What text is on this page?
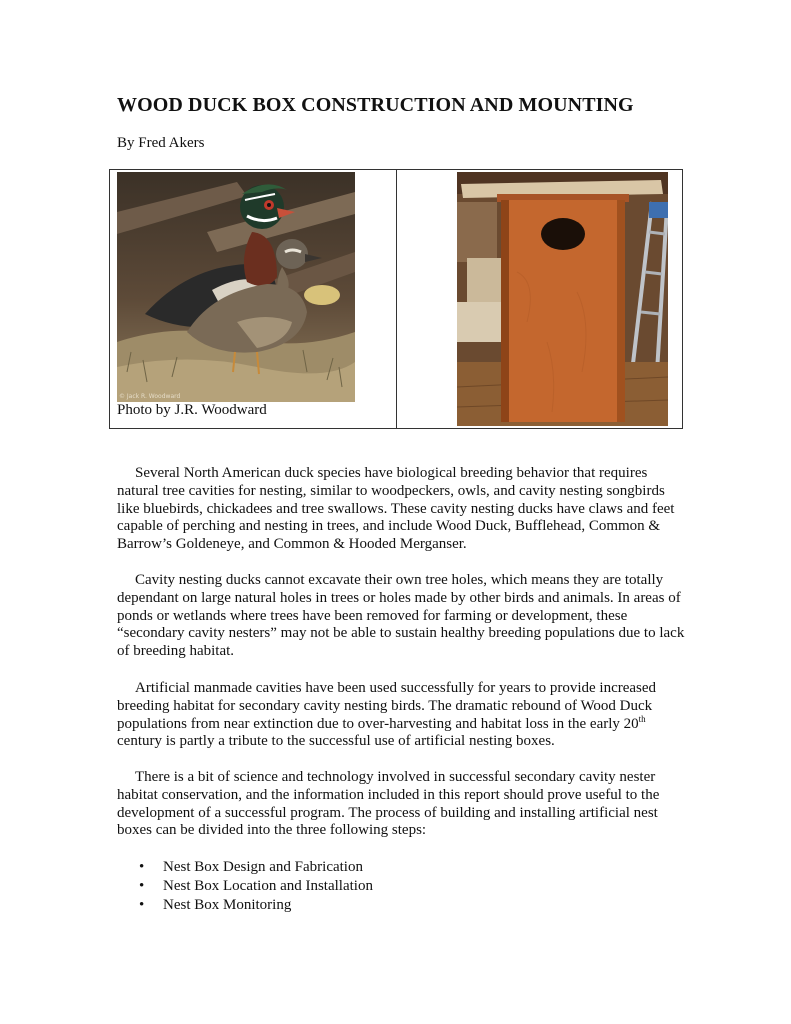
WOOD DUCK BOX CONSTRUCTION AND MOUNTING
By Fred Akers
© Jack R. Woodward
Photo by J.R. Woodward

Several North American duck species have biological breeding behavior that requires natural tree cavities for nesting, similar to woodpeckers, owls, and cavity nesting songbirds like bluebirds, chickadees and tree swallows. These cavity nesting ducks have claws and feet capable of perching and nesting in trees, and include Wood Duck, Bufflehead, Common & Barrow’s Goldeneye, and Common & Hooded Merganser.

Cavity nesting ducks cannot excavate their own tree holes, which means they are totally dependant on large natural holes in trees or holes made by other birds and animals. In areas of ponds or wetlands where trees have been removed for farming or development, these “secondary cavity nesters” may not be able to sustain healthy breeding populations due to lack of breeding habitat.

Artificial manmade cavities have been used successfully for years to provide increased breeding habitat for secondary cavity nesting birds. The dramatic rebound of Wood Duck populations from near extinction due to over-harvesting and habitat loss in the early 20th century is partly a tribute to the successful use of artificial nesting boxes.

There is a bit of science and technology involved in successful secondary cavity nester habitat conservation, and the information included in this report should prove useful to the development of a successful program. The process of building and installing artificial nest boxes can be divided into the three following steps:

• Nest Box Design and Fabrication
• Nest Box Location and Installation
• Nest Box Monitoring
